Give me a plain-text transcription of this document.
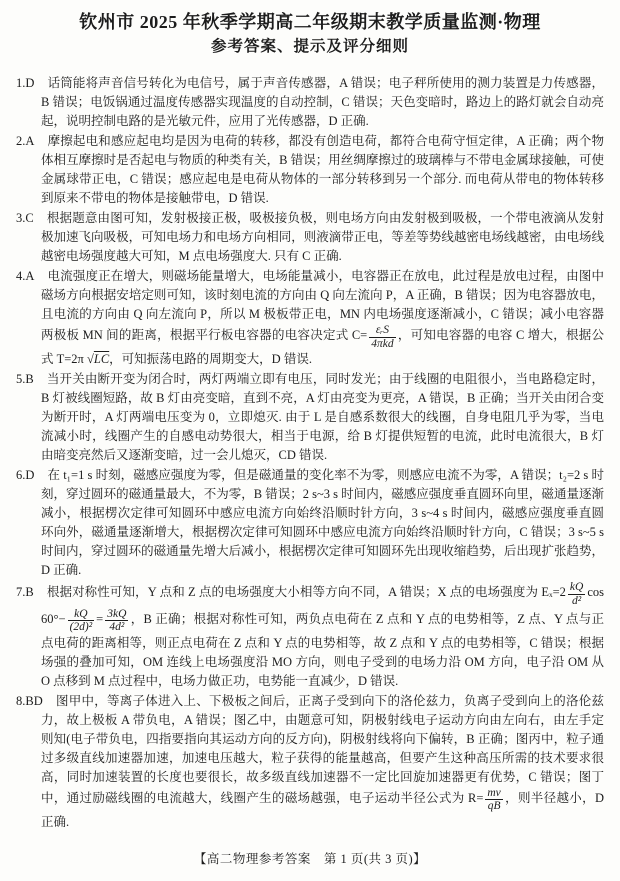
钦州市 2025 年秋季学期高二年级期末教学质量监测·物理
参考答案、提示及评分细则
1.D 话筒能将声音信号转化为电信号，属于声音传感器，A 错误；电子秤所使用的测力装置是力传感器，B 错误；电饭锅通过温度传感器实现温度的自动控制，C 错误；天色变暗时，路边上的路灯就会自动亮起，说明控制电路的是光敏元件，应用了光传感器，D 正确.
2.A 摩擦起电和感应起电均是因为电荷的转移，都没有创造电荷，都符合电荷守恒定律，A 正确；两个物体相互摩擦时是否起电与物质的种类有关，B 错误；用丝绸摩擦过的玻璃棒与不带电金属球接触，可使金属球带正电，C 错误；感应起电是电荷从物体的一部分转移到另一个部分. 而电荷从带电的物体转移到原来不带电的物体是接触带电，D 错误.
3.C 根据题意由图可知，发射极接正极，吸极接负极，则电场方向由发射极到吸极，一个带电液滴从发射极加速飞向吸极，可知电场力和电场方向相同，则液滴带正电，等差等势线越密电场线越密，由电场线越密电场强度越大可知，M 点电场强度大. 只有 C 正确.
4.A 电流强度正在增大，则磁场能量增大，电场能量减小，电容器正在放电，此过程是放电过程，由图中磁场方向根据安培定则可知，该时刻电流的方向由 Q 向左流向 P，A 正确，B 错误；因为电容器放电，且电流的方向由 Q 向左流向 P，所以 M 极板带正电，MN 内电场强度逐渐减小，C 错误；减小电容器两极板 MN 间的距离，根据平行板电容器的电容决定式 $C= \frac{\text{εᵣS}}{\text{4πkd}}$ ，可知电容器的电容 C 增大，根据公式 T=2π √LC，可知振荡电路的周期变大，D 错误.
5.B 当开关由断开变为闭合时，两灯两端立即有电压，同时发光；由于线圈的电阻很小，当电路稳定时，B 灯被线圈短路，故 B 灯由亮变暗，直到不亮，A 灯由亮变为更亮，A 错误，B 正确；当开关由闭合变为断开时，A 灯两端电压变为 0，立即熄灭. 由于 L 是自感系数很大的线圈，自身电阻几乎为零，当电流减小时，线圈产生的自感电动势很大，相当于电源，给 B 灯提供短暂的电流，此时电流很大，B 灯由暗变亮然后又逐渐变暗，过一会儿熄灭，CD 错误.
6.D 在 t₁=1 s 时刻，磁感应强度为零，但是磁通量的变化率不为零，则感应电流不为零，A 错误；t₂=2 s 时刻，穿过圆环的磁通量最大，不为零，B 错误；2 s~3 s 时间内，磁感应强度垂直圆环向里，磁通量逐渐减小，根据楞次定律可知圆环中感应电流方向始终沿顺时针方向，3 s~4 s 时间内，磁感应强度垂直圆环向外，磁通量逐渐增大，根据楞次定律可知圆环中感应电流方向始终沿顺时针方向，C 错误；3 s~5 s 时间内，穿过圆环的磁通量先增大后减小，根据楞次定律可知圆环先出现收缩趋势，后出现扩张趋势，D 正确.
7.B 根据对称性可知，Y 点和 Z 点的电场强度大小相等方向不同，A 错误；X 点的电场强度为 $E_x=2 \frac{kQ}{\text{d²}}$ $\cos 60^\circ- \frac{kQ}{\text{(2d)²}} = \frac{3kQ}{\text{4d²}}$ ，B 正确；根据对称性可知，两负点电荷在 Z 点和 Y 点的电势相等，Z 点、Y 点与正点电荷的距离相等，则正点电荷在 Z 点和 Y 点的电势相等，故 Z 点和 Y 点的电势相等，C 错误；根据场强的叠加可知，OM 连线上电场强度沿 MO 方向，则电子受到的电场力沿 OM 方向，电子沿 OM 从 O 点移到 M 点过程中，电场力做正功，电势能一直减少，D 错误.
8.BD 图甲中，等离子体进入上、下极板之间后，正离子受到向下的洛伦兹力，负离子受到向上的洛伦兹力，故上极板 A 带负电，A 错误；图乙中，由题意可知，阴极射线电子运动方向由左向右，由左手定则知(电子带负电，四指要指向其运动方向的反方向)，阴极射线将向下偏转，B 正确；图丙中，粒子通过多级直线加速器加速，加速电压越大，粒子获得的能量越高，但要产生这种高压所需的技术要求很高，同时加速装置的长度也要很长，故多级直线加速器不一定比回旋加速器更有优势，C 错误；图丁中，通过励磁线圈的电流越大，线圈产生的磁场越强，电子运动半径公式为 $R= \frac{mv}{qB}$ ，则半径越小，D 正确.
【高二物理参考答案　第 1 页(共 3 页)】
